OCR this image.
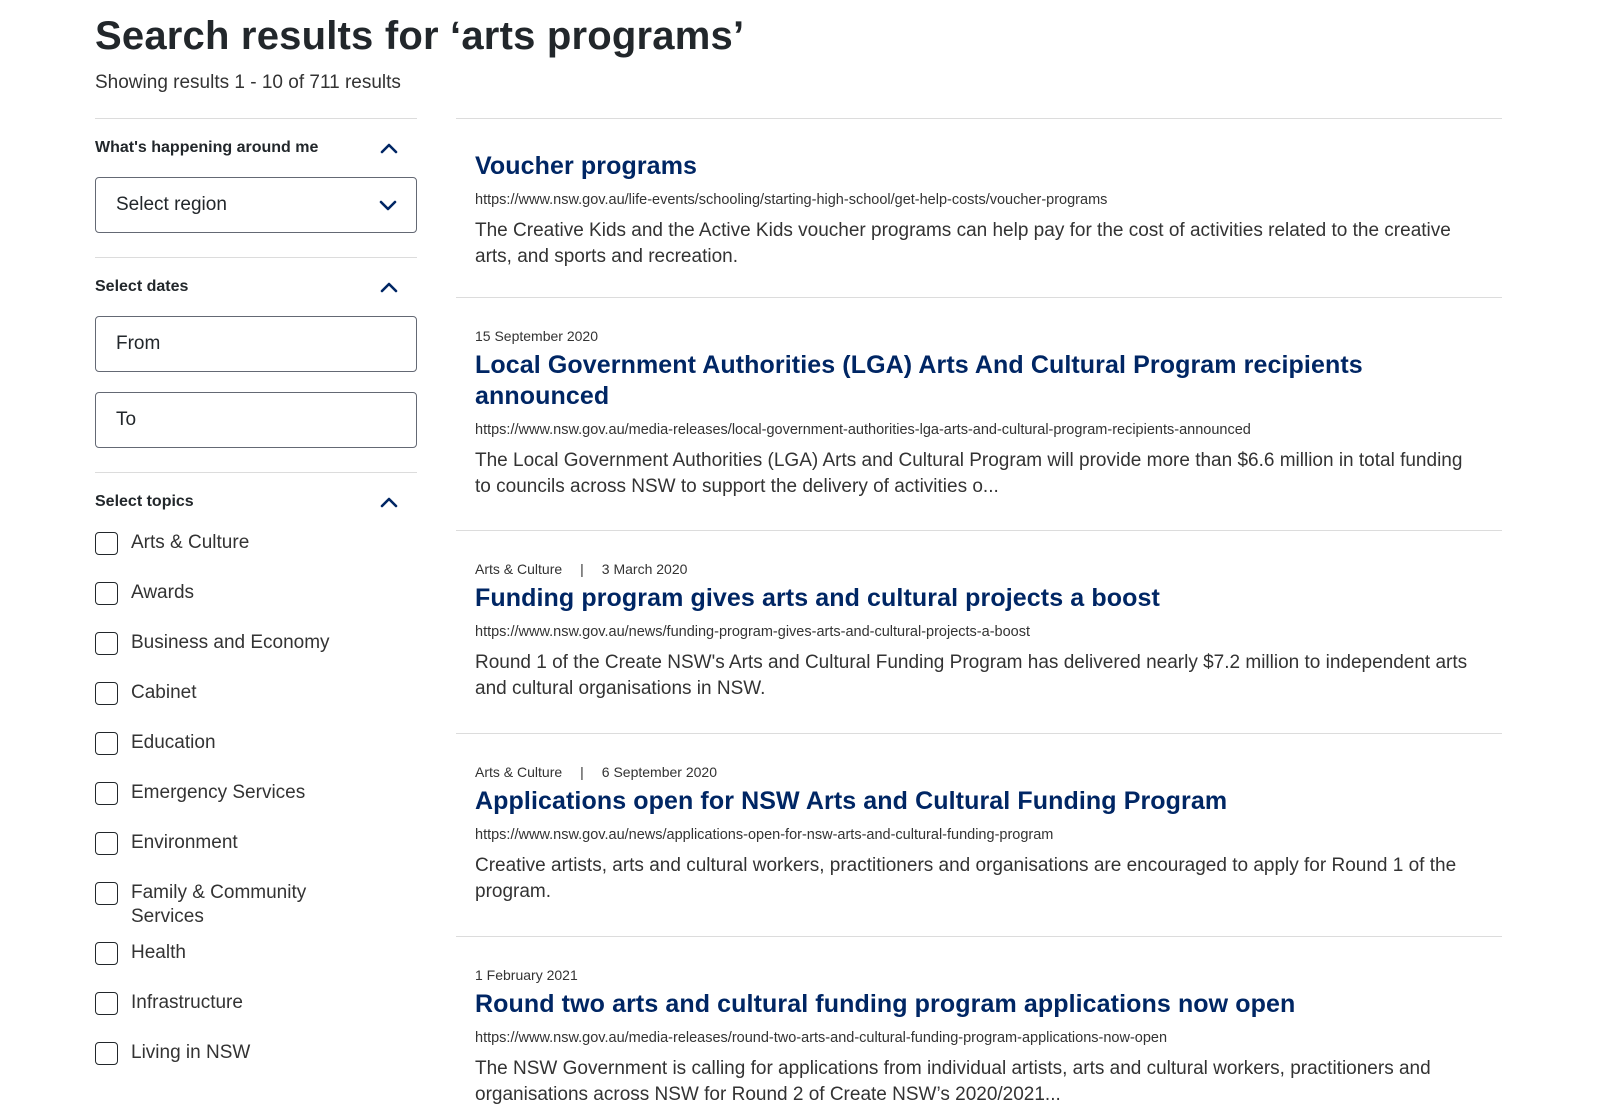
Search results for ‘arts programs’

Showing results 1 - 10 of 711 results

What's happening around me
Select region
Select dates
From
To
Select topics
Arts & Culture
Awards
Business and Economy
Cabinet
Education
Emergency Services
Environment
Family & Community Services
Health
Infrastructure
Living in NSW
Voucher programs
https://www.nsw.gov.au/life-events/schooling/starting-high-school/get-help-costs/voucher-programs

The Creative Kids and the Active Kids voucher programs can help pay for the cost of activities related to the creative arts, and sports and recreation.

15 September 2020
Local Government Authorities (LGA) Arts And Cultural Program recipients announced
https://www.nsw.gov.au/media-releases/local-government-authorities-lga-arts-and-cultural-program-recipients-announced

The Local Government Authorities (LGA) Arts and Cultural Program will provide more than $6.6 million in total funding to councils across NSW to support the delivery of activities o...

Arts & Culture | 3 March 2020
Funding program gives arts and cultural projects a boost
https://www.nsw.gov.au/news/funding-program-gives-arts-and-cultural-projects-a-boost

Round 1 of the Create NSW's Arts and Cultural Funding Program has delivered nearly $7.2 million to independent arts and cultural organisations in NSW.

Arts & Culture | 6 September 2020
Applications open for NSW Arts and Cultural Funding Program
https://www.nsw.gov.au/news/applications-open-for-nsw-arts-and-cultural-funding-program

Creative artists, arts and cultural workers, practitioners and organisations are encouraged to apply for Round 1 of the program.

1 February 2021
Round two arts and cultural funding program applications now open
https://www.nsw.gov.au/media-releases/round-two-arts-and-cultural-funding-program-applications-now-open

The NSW Government is calling for applications from individual artists, arts and cultural workers, practitioners and organisations across NSW for Round 2 of Create NSW’s 2020/2021...
